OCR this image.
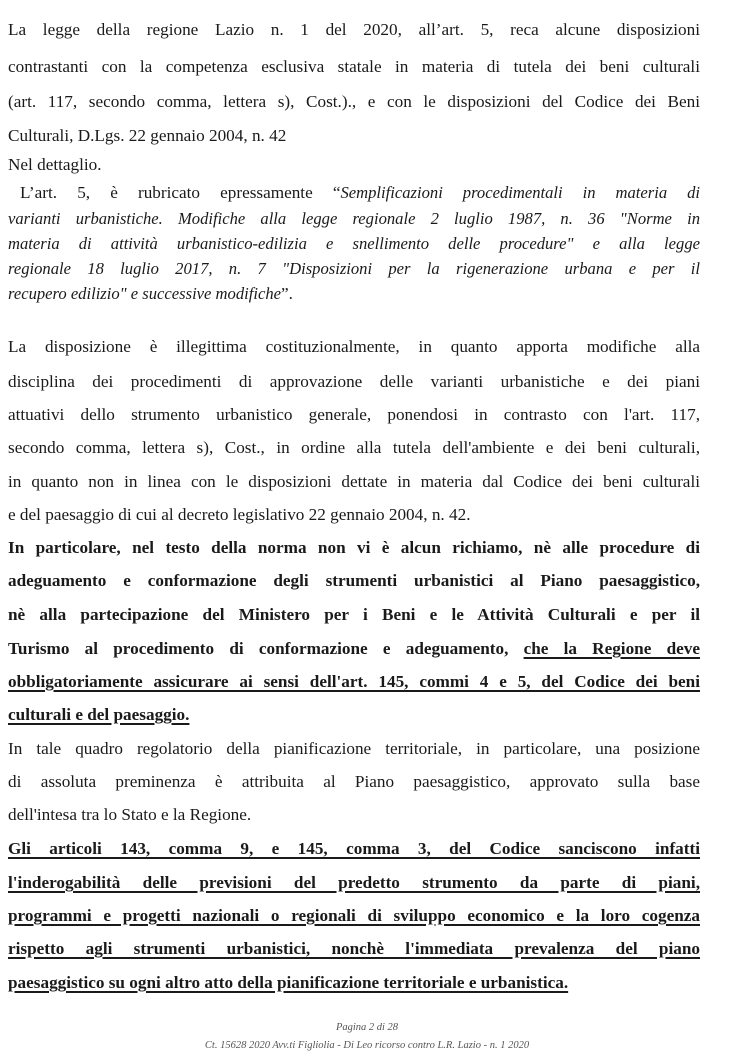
La legge della regione Lazio n. 1 del 2020, all’art. 5, reca alcune disposizioni
contrastanti con la competenza esclusiva statale in materia di tutela dei beni culturali
(art. 117, secondo comma, lettera s), Cost.)., e con le disposizioni del Codice dei Beni
Culturali, D.Lgs. 22 gennaio 2004, n. 42
Nel dettaglio.
L’art. 5, è rubricato epressamente “Semplificazioni procedimentali in materia di
varianti urbanistiche. Modifiche alla legge regionale 2 luglio 1987, n. 36 "Norme in
materia di attività urbanistico-edilizia e snellimento delle procedure" e alla legge
regionale 18 luglio 2017, n. 7 "Disposizioni per la rigenerazione urbana e per il
recupero edilizio" e successive modifiche”.
La disposizione è illegittima costituzionalmente, in quanto apporta modifiche alla
disciplina dei procedimenti di approvazione delle varianti urbanistiche e dei piani
attuativi dello strumento urbanistico generale, ponendosi in contrasto con l'art. 117,
secondo comma, lettera s), Cost., in ordine alla tutela dell'ambiente e dei beni culturali,
in quanto non in linea con le disposizioni dettate in materia dal Codice dei beni culturali
e del paesaggio di cui al decreto legislativo 22 gennaio 2004, n. 42.
In particolare, nel testo della norma non vi è alcun richiamo, nè alle procedure di
adeguamento e conformazione degli strumenti urbanistici al Piano paesaggistico,
nè alla partecipazione del Ministero per i Beni e le Attività Culturali e per il
Turismo al procedimento di conformazione e adeguamento, che la Regione deve
obbligatoriamente assicurare ai sensi dell'art. 145, commi 4 e 5, del Codice dei beni
culturali e del paesaggio.
In tale quadro regolatorio della pianificazione territoriale, in particolare, una posizione
di assoluta preminenza è attribuita al Piano paesaggistico, approvato sulla base
dell'intesa tra lo Stato e la Regione.
Gli articoli 143, comma 9, e 145, comma 3, del Codice sanciscono infatti
l'inderogabilità delle previsioni del predetto strumento da parte di piani,
programmi e progetti nazionali o regionali di sviluppo economico e la loro cogenza
rispetto agli strumenti urbanistici, nonchè l'immediata prevalenza del piano
paesaggistico su ogni altro atto della pianificazione territoriale e urbanistica.
Pagina 2 di 28
Ct. 15628 2020 Avv.ti Figliolia - Di Leo ricorso contro L.R. Lazio - n. 1 2020
